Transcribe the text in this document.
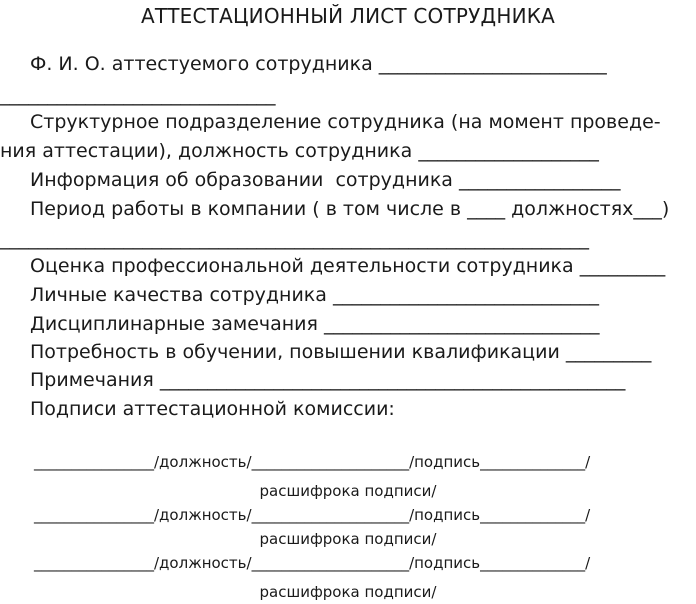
АТТЕСТАЦИОННЫЙ ЛИСТ СОТРУДНИКА
Ф. И. О. аттестуемого сотрудника ________________________
_____________________________
Структурное подразделение сотрудника (на момент проведе-
ния аттестации), должность сотрудника ___________________
Информация об образовании  сотрудника _________________
Период работы в компании ( в том числе в ____ должностях___)
______________________________________________________________
Оценка профессиональной деятельности сотрудника _________
Личные качества сотрудника ____________________________
Дисциплинарные замечания _____________________________
Потребность в обучении, повышении квалификации _________
Примечания _________________________________________________
Подписи аттестационной комиссии:
________________/должность/_____________________/подпись______________/
расшифрока подписи/
________________/должность/_____________________/подпись______________/
расшифрока подписи/
________________/должность/_____________________/подпись______________/
расшифрока подписи/
